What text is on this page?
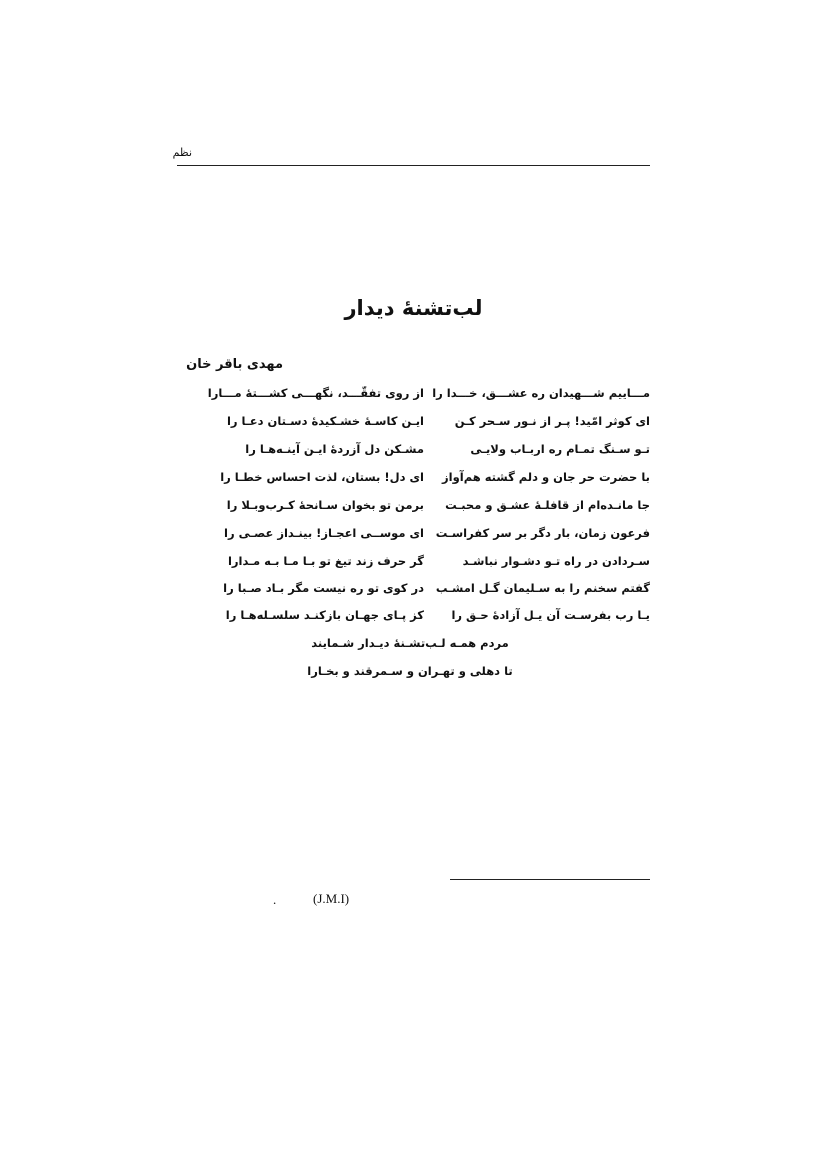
نظم
لب‌تشنهٔ دیدار
مهدی باقر خان
مـــاییم شـــهیدان ره عشـــق، خـــدا را
از روی تفقّـــد، نگهـــی کشـــتهٔ مـــارا
ای کوثر امّید! پـر از نـور سـحر کـن
ایـن کاسـهٔ خشـکیدهٔ دسـتان دعـا را
تـو سـنگ تمـام ره اربـاب ولایـی
مشـکن دل آزردهٔ ایـن آینـه‌هـا را
با حضرت حر جان و دلم گشته هم‌آواز
ای دل! بستان، لذت احساس خطـا را
جا مانـده‌ام از قافلـهٔ عشـق و محبـت
برمن تو بخوان سـانحهٔ کـرب‌وبـلا را
فرعون زمان، بار دگر بر سر کفراسـت
ای موســی اعجـاز! بینـداز عصـی را
سـردادن در راه تـو دشـوار نباشـد
گر حرف زند تیغ تو بـا مـا بـه مـدارا
گفتم سخنم را به سـلیمان گـل امشـب
در کوی تو ره نیست مگر بـاد صـبا را
یـا رب بفرسـت آن یـل آزادهٔ حـق را
کز پـای جهـان بازکنـد سلسـله‌هـا را
مردم همـه لـب‌تشـنهٔ دیـدار شـمایند
تا دهلی و تهـران و سـمرقند و بخـارا
.	(J.M.I)
